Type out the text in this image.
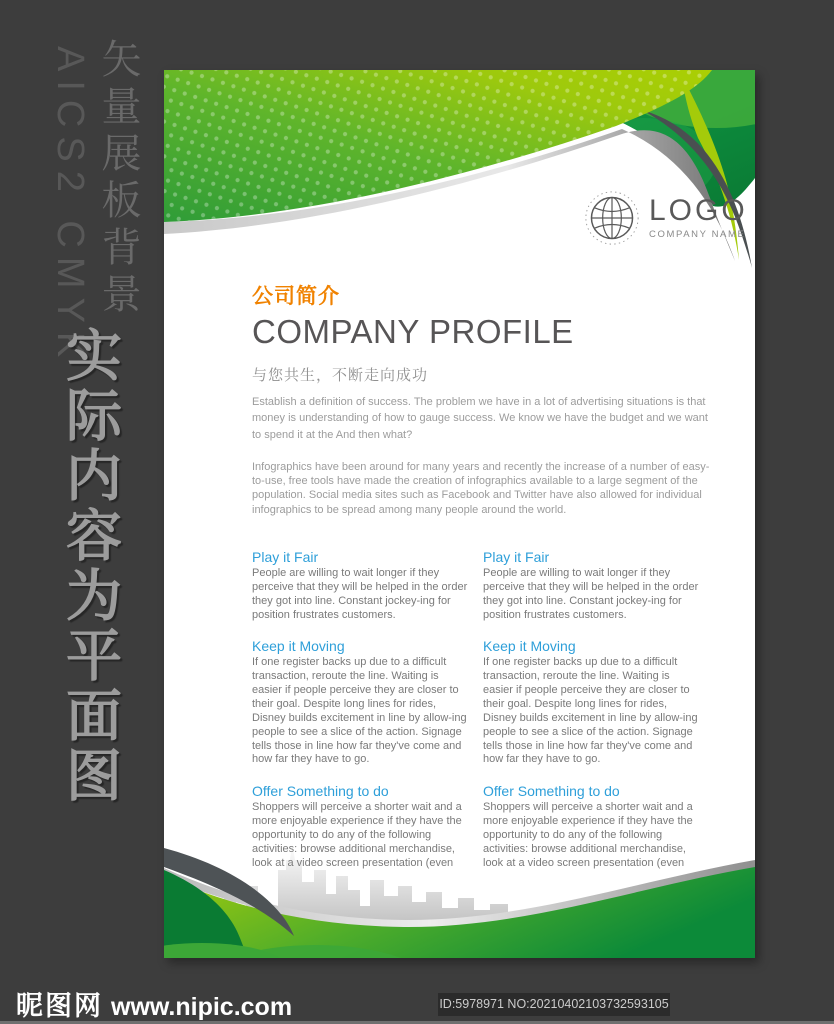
矢量展板背景
AICS2 CMYK
实际内容为平面图
LOGO
COMPANY NAME
公司简介
COMPANY PROFILE
与您共生，不断走向成功
Establish a definition of success. The problem we have in a lot of advertising situations is that money is understanding of how to gauge success. We know we have the budget and we want to spend it at the And then what?
Infographics have been around for many years and recently the increase of a number of easy-to-use, free tools have made the creation of infographics available to a large segment of the population. Social media sites such as Facebook and Twitter have also allowed for individual infographics to be spread among many people around the world.
Play it Fair
People are willing to wait longer if they perceive that they will be helped in the order they got into line. Constant jockey-ing for position frustrates customers.
Keep it Moving
If one register backs up due to a difficult transaction, reroute the line. Waiting is easier if people perceive they are closer to their goal. Despite long lines for rides, Disney builds excitement in line by allow-ing people to see a slice of the action. Signage tells those in line how far they've come and how far they have to go.
Offer Something to do
Shoppers will perceive a shorter wait and a more enjoyable experience if they have the opportunity to do any of the following activities: browse additional merchandise, look at a video screen presentation (even
Play it Fair
People are willing to wait longer if they perceive that they will be helped in the order they got into line. Constant jockey-ing for position frustrates customers.
Keep it Moving
If one register backs up due to a difficult transaction, reroute the line. Waiting is easier if people perceive they are closer to their goal. Despite long lines for rides, Disney builds excitement in line by allow-ing people to see a slice of the action. Signage tells those in line how far they've come and how far they have to go.
Offer Something to do
Shoppers will perceive a shorter wait and a more enjoyable experience if they have the opportunity to do any of the following activities: browse additional merchandise, look at a video screen presentation (even
昵图网 www.nipic.com	ID:5978971 NO:20210402103732593105
